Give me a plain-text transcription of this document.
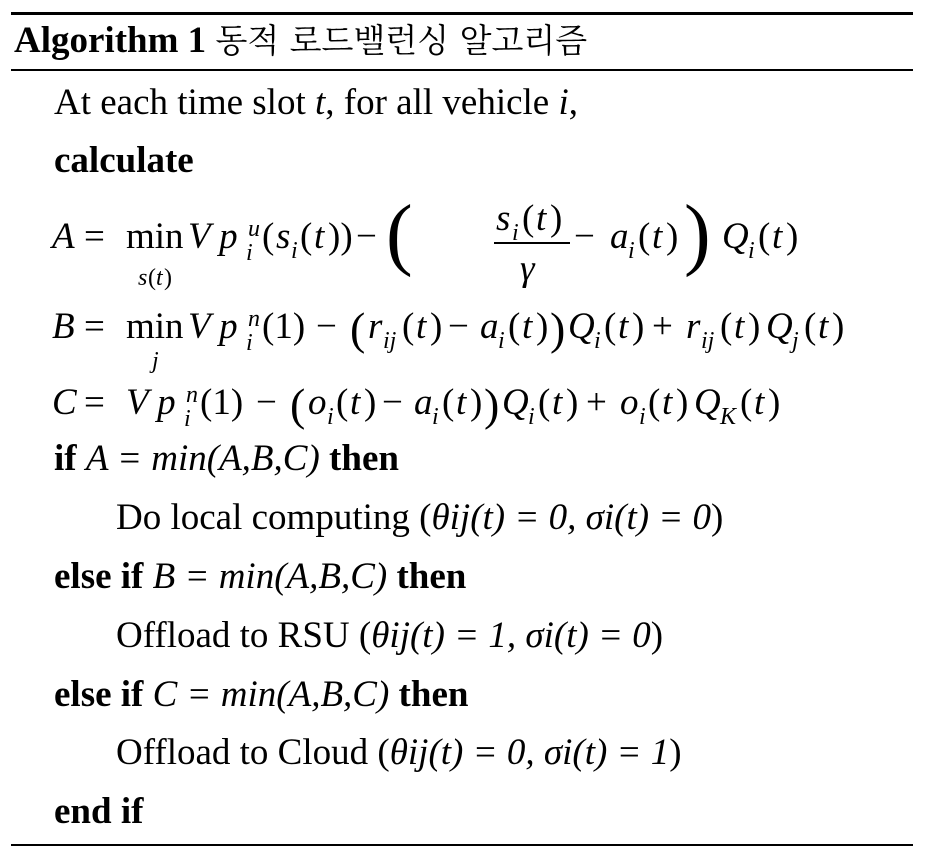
Algorithm 1 동적 로드밸런싱 알고리즘
At each time slot t, for all vehicle i,
calculate
A = min
s ( t )
V p u
i ( s i ( t )) − ( s i ( t )
γ
− a i ( t ) ) Q i ( t )
B = min
j
V p n
i (1) − ( r ij ( t ) − a i ( t ) ) Q i ( t ) + r ij ( t ) Q j ( t )
C = V p n
i (1) − ( o i ( t ) − a i ( t ) ) Q i ( t ) + o i ( t ) Q K ( t )
if A = min(A,B,C) then
Do local computing (θij(t) = 0, σi(t) = 0)
else if B = min(A,B,C) then
Offload to RSU (θij(t) = 1, σi(t) = 0)
else if C = min(A,B,C) then
Offload to Cloud (θij(t) = 0, σi(t) = 1)
end if
